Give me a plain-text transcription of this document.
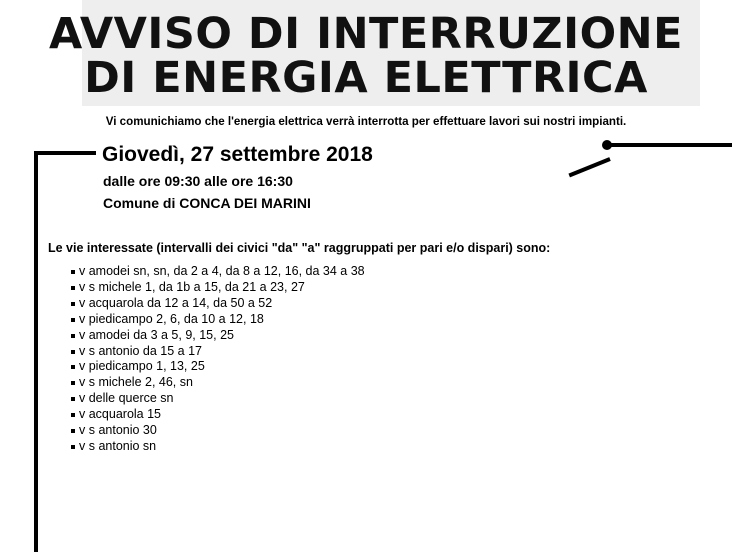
AVVISO DI INTERRUZIONE
DI ENERGIA ELETTRICA
Vi comunichiamo che l'energia elettrica verrà interrotta per effettuare lavori sui nostri impianti.
Giovedì, 27 settembre 2018
dalle ore 09:30 alle ore 16:30
Comune di CONCA DEI MARINI
Le vie interessate (intervalli dei civici "da" "a" raggruppati per pari e/o dispari) sono:
v amodei sn, sn, da 2 a 4, da 8 a 12, 16, da 34 a 38
v s michele 1, da 1b a 15, da 21 a 23, 27
v acquarola da 12 a 14, da 50 a 52
v piedicampo 2, 6, da 10 a 12, 18
v amodei da 3 a 5, 9, 15, 25
v s antonio da 15 a 17
v piedicampo 1, 13, 25
v s michele 2, 46, sn
v delle querce sn
v acquarola 15
v s antonio 30
v s antonio sn
